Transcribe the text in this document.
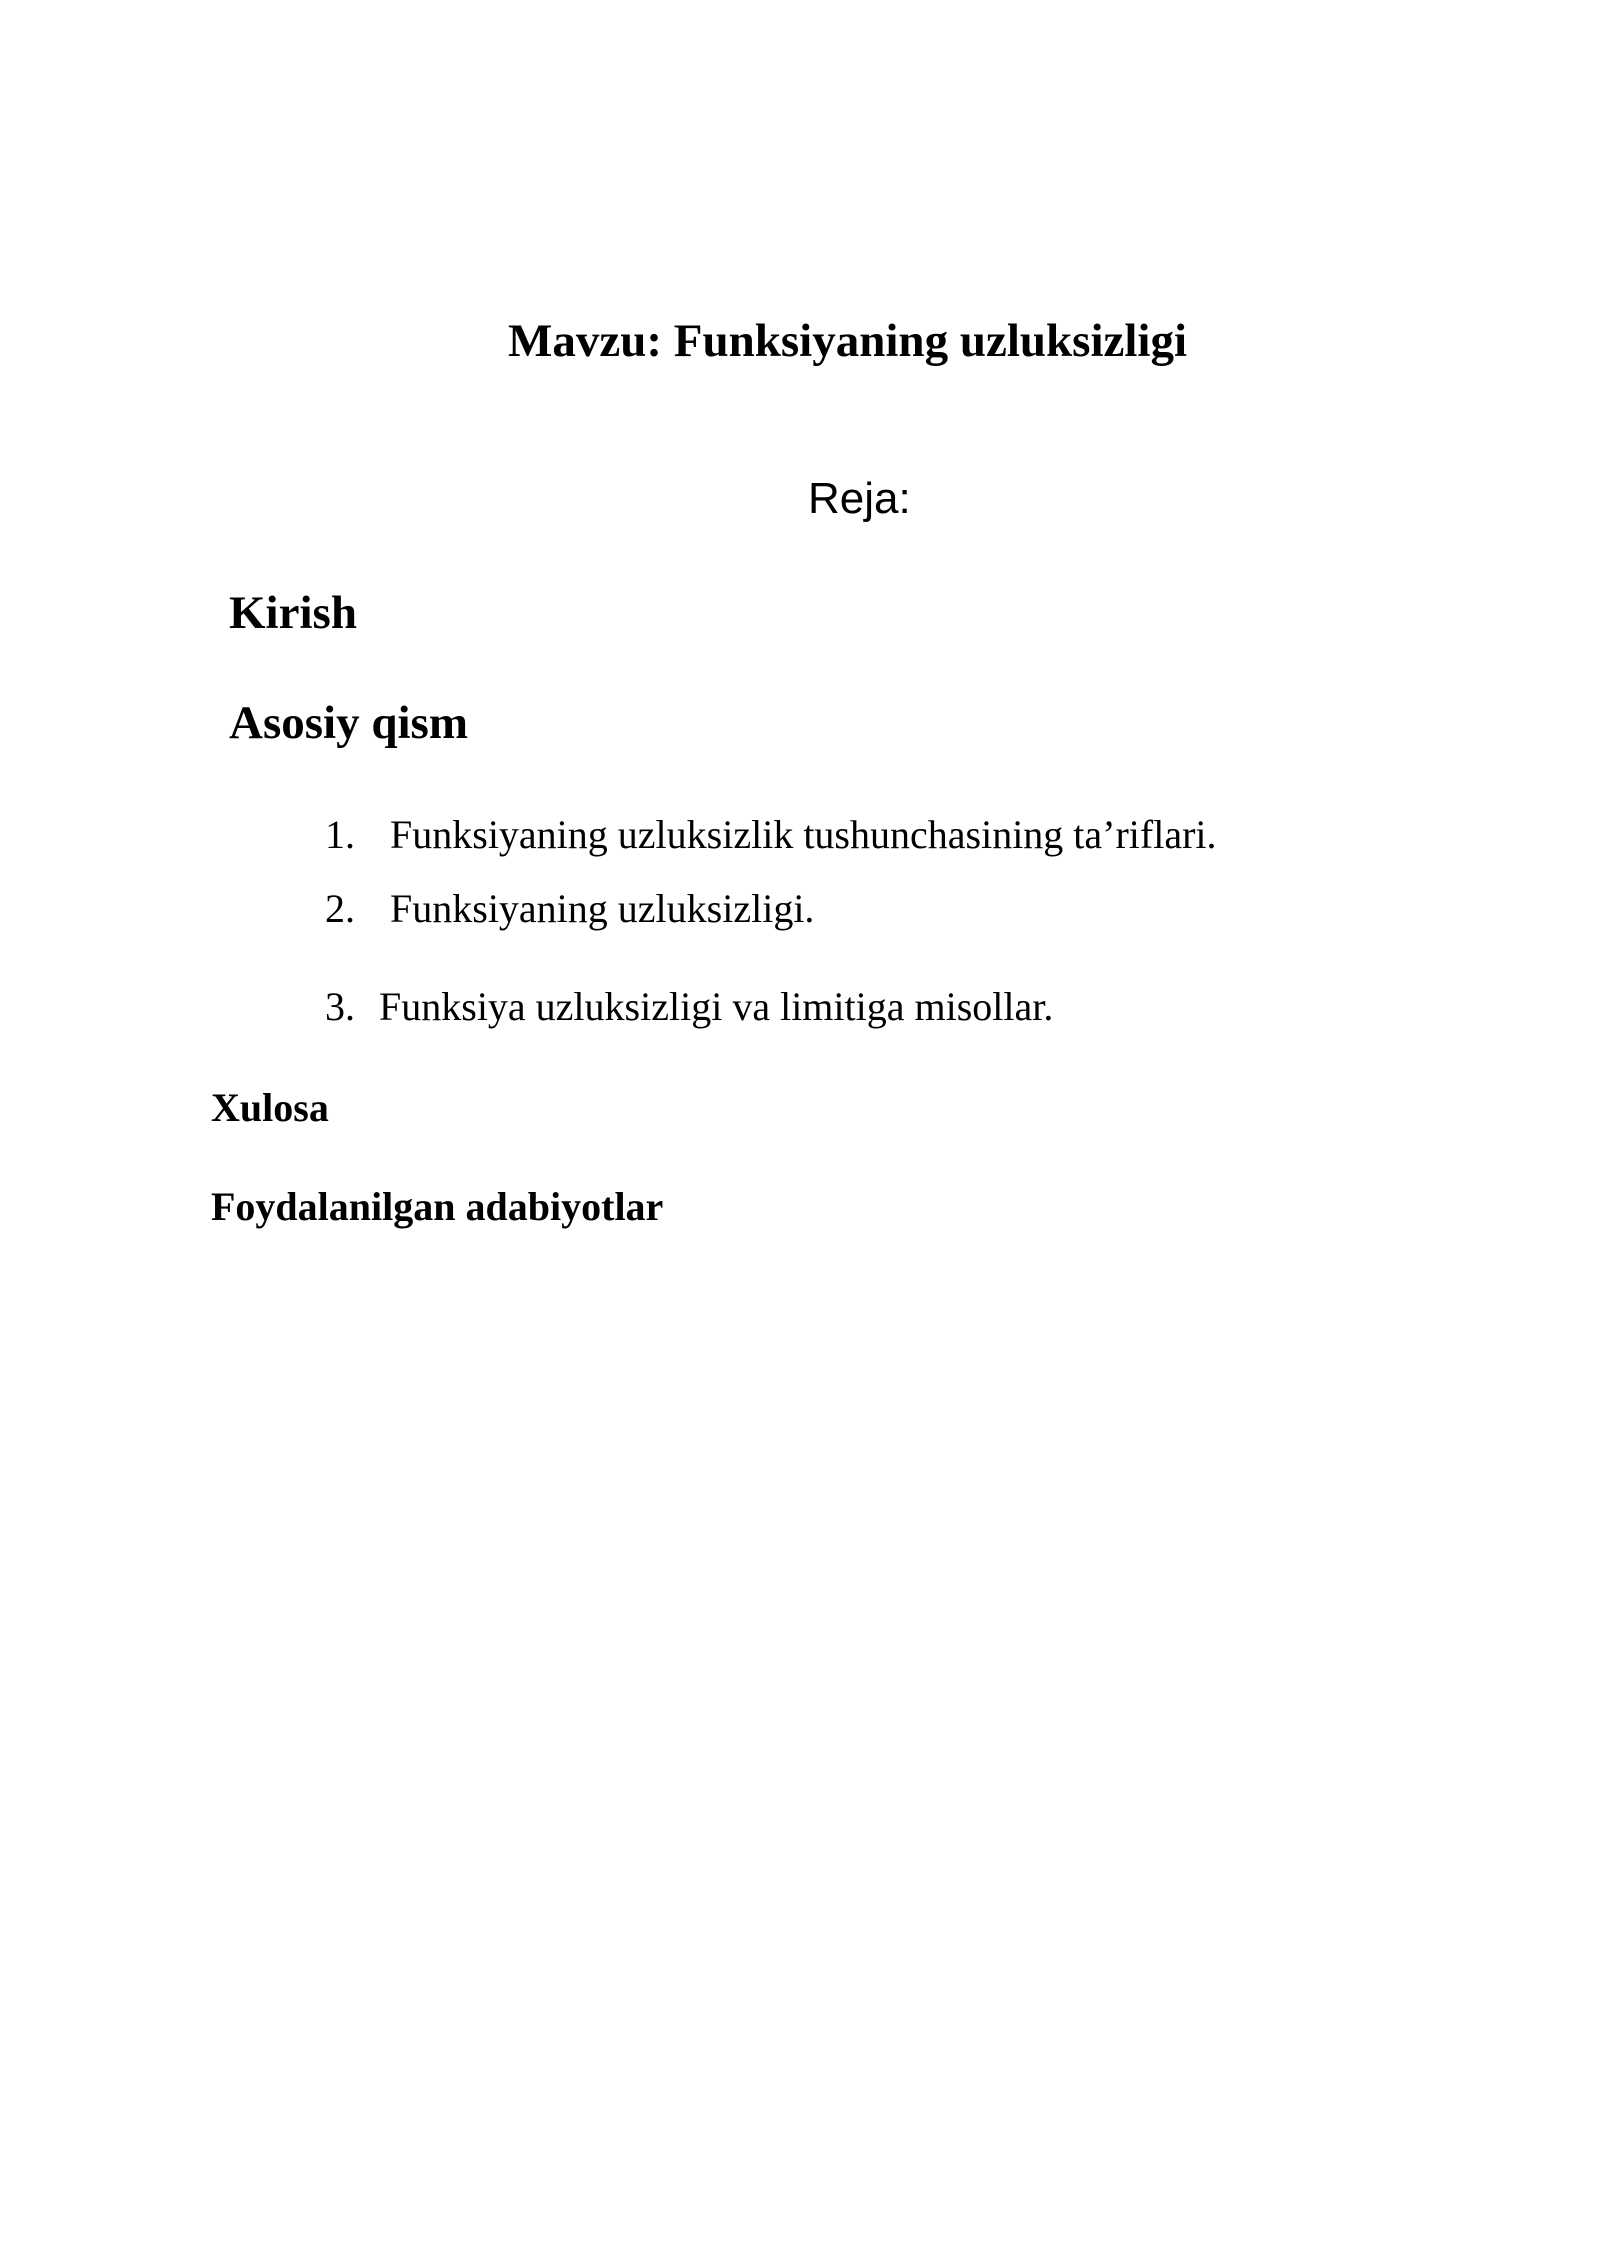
Mavzu: Funksiyaning uzluksizligi
Reja:
Kirish
Asosiy qism
1. Funksiyaning uzluksizlik tushunchasining ta’riflari.
2. Funksiyaning uzluksizligi.
3. Funksiya uzluksizligi va limitiga misollar.
Xulosa
Foydalanilgan adabiyotlar
